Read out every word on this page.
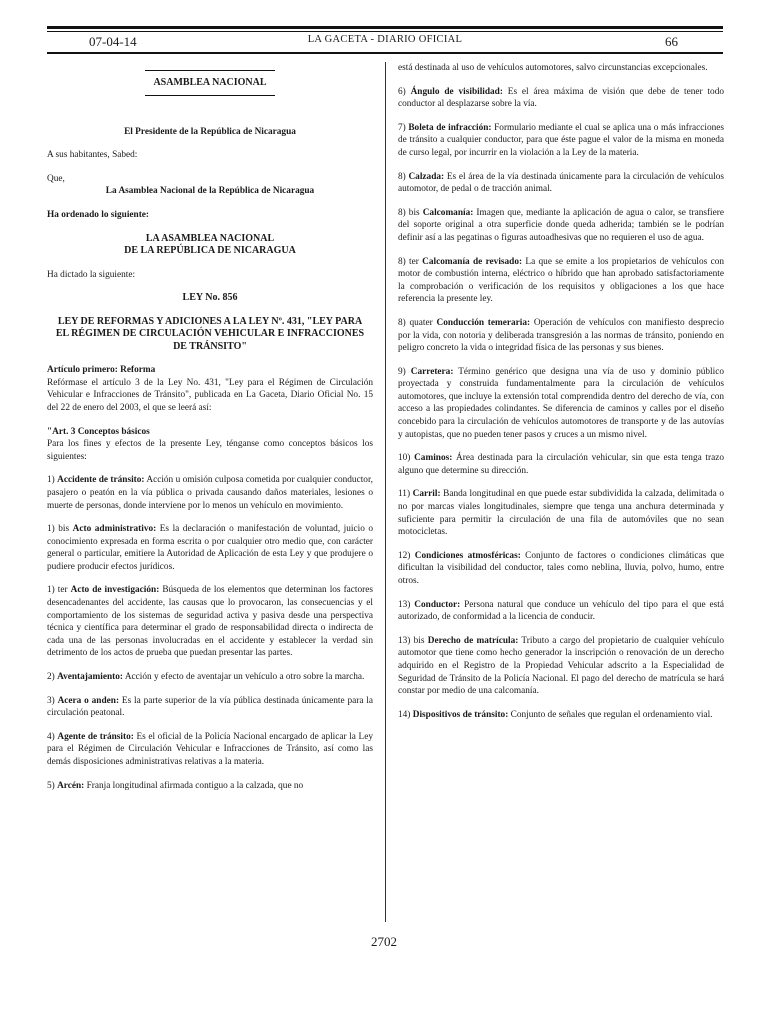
07-04-14	LA GACETA - DIARIO OFICIAL	66
ASAMBLEA NACIONAL

El Presidente de la República de Nicaragua

A sus habitantes, Sabed:

Que,

La Asamblea Nacional de la República de Nicaragua

Ha ordenado lo siguiente:

LA ASAMBLEA NACIONAL

DE LA REPÚBLICA DE NICARAGUA

Ha dictado la siguiente:

LEY No. 856

LEY DE REFORMAS Y ADICIONES A LA LEY Nº. 431, "LEY PARA EL RÉGIMEN DE CIRCULACIÓN VEHICULAR E INFRACCIONES DE TRÁNSITO"

Artículo primero: Reforma

Refórmase el artículo 3 de la Ley No. 431, "Ley para el Régimen de Circulación Vehicular e Infracciones de Tránsito", publicada en La Gaceta, Diario Oficial No. 15 del 22 de enero del 2003, el que se leerá así:

"Art. 3 Conceptos básicos

Para los fines y efectos de la presente Ley, ténganse como conceptos básicos los siguientes:

1) Accidente de tránsito: Acción u omisión culposa cometida por cualquier conductor, pasajero o peatón en la vía pública o privada causando daños materiales, lesiones o muerte de personas, donde interviene por lo menos un vehículo en movimiento.

1) bis Acto administrativo: Es la declaración o manifestación de voluntad, juicio o conocimiento expresada en forma escrita o por cualquier otro medio que, con carácter general o particular, emitiere la Autoridad de Aplicación de esta Ley y que produjere o pudiere producir efectos jurídicos.

1) ter Acto de investigación: Búsqueda de los elementos que determinan los factores desencadenantes del accidente, las causas que lo provocaron, las consecuencias y el comportamiento de los sistemas de seguridad activa y pasiva desde una perspectiva técnica y científica para determinar el grado de responsabilidad directa o indirecta de cada una de las personas involucradas en el accidente y establecer la verdad sin detrimento de los actos de prueba que puedan presentar las partes.

2) Aventajamiento: Acción y efecto de aventajar un vehículo a otro sobre la marcha.

3) Acera o anden: Es la parte superior de la vía pública destinada únicamente para la circulación peatonal.

4) Agente de tránsito: Es el oficial de la Policía Nacional encargado de aplicar la Ley para el Régimen de Circulación Vehicular e Infracciones de Tránsito, así como las demás disposiciones administrativas relativas a la materia.

5) Arcén: Franja longitudinal afirmada contiguo a la calzada, que no

está destinada al uso de vehículos automotores, salvo circunstancias excepcionales.

6) Ángulo de visibilidad: Es el área máxima de visión que debe de tener todo conductor al desplazarse sobre la vía.

7) Boleta de infracción: Formulario mediante el cual se aplica una o más infracciones de tránsito a cualquier conductor, para que éste pague el valor de la misma en moneda de curso legal, por incurrir en la violación a la Ley de la materia.

8) Calzada: Es el área de la vía destinada únicamente para la circulación de vehículos automotor, de pedal o de tracción animal.

8) bis Calcomanía: Imagen que, mediante la aplicación de agua o calor, se transfiere del soporte original a otra superficie donde queda adherida; también se le podrían definir así a las pegatinas o figuras autoadhesivas que no requieren el uso de agua.

8) ter Calcomanía de revisado: La que se emite a los propietarios de vehículos con motor de combustión interna, eléctrico o híbrido que han aprobado satisfactoriamente la comprobación o verificación de los requisitos y obligaciones a los que hace referencia la presente ley.

8) quater Conducción temeraria: Operación de vehículos con manifiesto desprecio por la vida, con notoria y deliberada transgresión a las normas de tránsito, poniendo en peligro concreto la vida o integridad física de las personas y sus bienes.

9) Carretera: Término genérico que designa una vía de uso y dominio público proyectada y construida fundamentalmente para la circulación de vehículos automotores, que incluye la extensión total comprendida dentro del derecho de vía, con acceso a las propiedades colindantes. Se diferencia de caminos y calles por el diseño concebido para la circulación de vehículos automotores de transporte y de las autovías y autopistas, que no pueden tener pasos y cruces a un mismo nivel.

10) Caminos: Área destinada para la circulación vehicular, sin que esta tenga trazo alguno que determine su dirección.

11) Carril: Banda longitudinal en que puede estar subdividida la calzada, delimitada o no por marcas viales longitudinales, siempre que tenga una anchura determinada y suficiente para permitir la circulación de una fila de automóviles que no sean motocicletas.

12) Condiciones atmosféricas: Conjunto de factores o condiciones climáticas que dificultan la visibilidad del conductor, tales como neblina, lluvia, polvo, humo, entre otros.

13) Conductor: Persona natural que conduce un vehículo del tipo para el que está autorizado, de conformidad a la licencia de conducir.

13) bis Derecho de matrícula: Tributo a cargo del propietario de cualquier vehículo automotor que tiene como hecho generador la inscripción o renovación de un derecho adquirido en el Registro de la Propiedad Vehicular adscrito a la Especialidad de Seguridad de Tránsito de la Policía Nacional. El pago del derecho de matrícula se hará constar por medio de una calcomanía.

14) Dispositivos de tránsito: Conjunto de señales que regulan el ordenamiento vial.

2702
